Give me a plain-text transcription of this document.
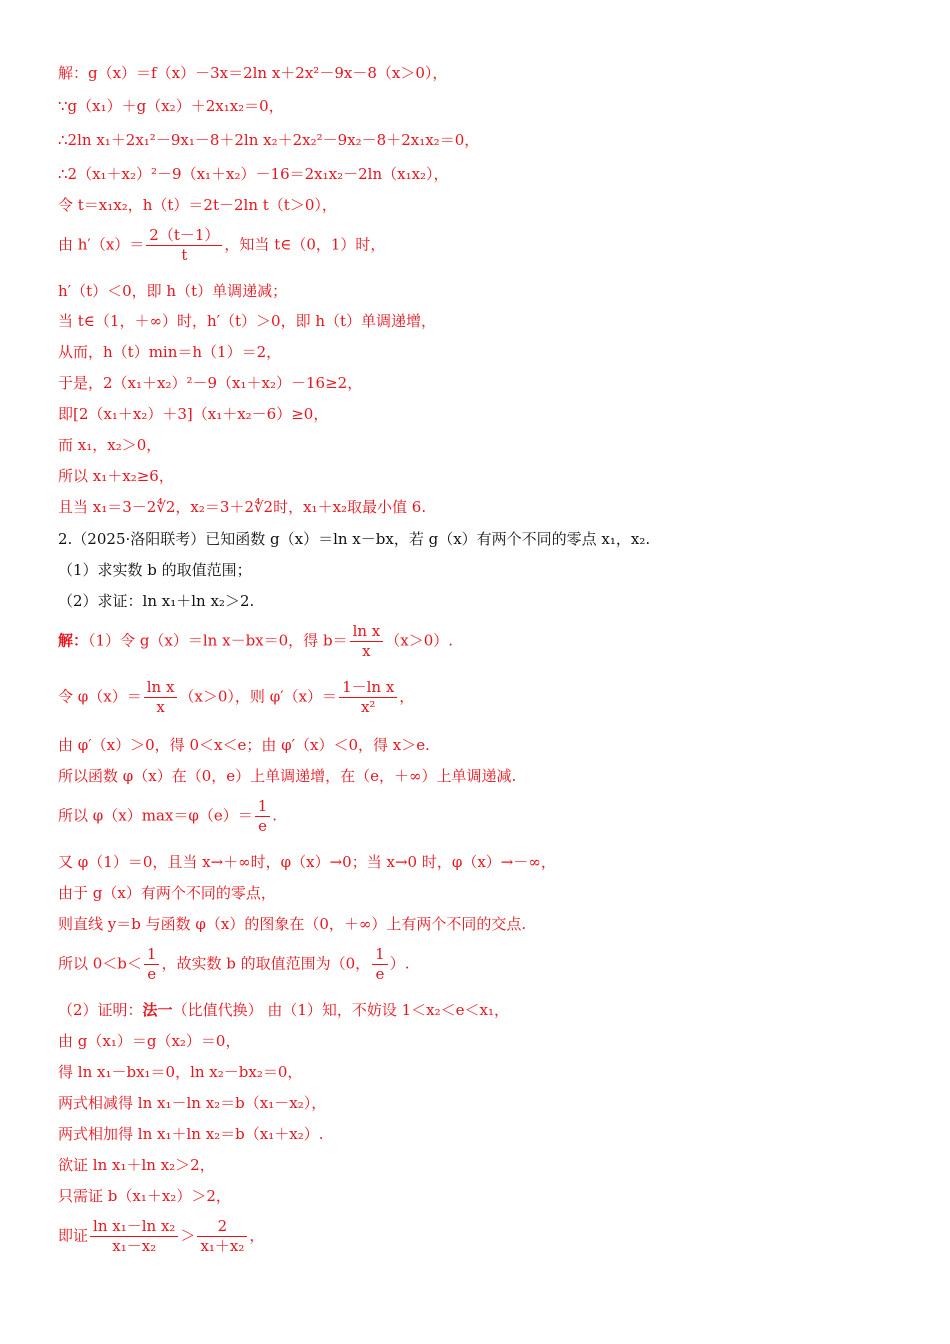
解：g（x）＝f（x）－3x＝2ln x＋2x²－9x－8（x＞0），
∵g（x₁）＋g（x₂）＋2x₁x₂＝0，
∴2ln x₁＋2x₁²－9x₁－8＋2ln x₂＋2x₂²－9x₂－8＋2x₁x₂＝0，
∴2（x₁＋x₂）²－9（x₁＋x₂）－16＝2x₁x₂－2ln（x₁x₂），
令 t＝x₁x₂，h（t）＝2t－2ln t（t＞0），
由 $h'(x)= \frac{2(t-1)}{t}$ ，知当 t∈（0，1）时，
h′（t）＜0，即 h（t）单调递减；
当 t∈（1，＋∞）时，h′（t）＞0，即 h（t）单调递增，
从而，h（t）min＝h（1）＝2，
于是，2（x₁＋x₂）²－9（x₁＋x₂）－16≥2，
即[2（x₁＋x₂）＋3]（x₁＋x₂－6）≥0，
而 x₁，x₂＞0，
所以 x₁＋x₂≥6，
且当 x₁＝3－2∜2，x₂＝3＋2∜2时，x₁＋x₂取最小值 6.
2.（2025·洛阳联考）已知函数 g（x）＝ln x－bx，若 g（x）有两个不同的零点 x₁，x₂.
（1）求实数 b 的取值范围；
（2）求证：ln x₁＋ln x₂＞2.
解：（1）令 g（x）＝ln x－bx＝0，得 $b= \frac{\text{ln x}}{x} (x>0)$.
令 $\varphi(x)= \frac{\text{ln x}}{x} (x>0)$，则 $\varphi'(x)= \frac{\text{1－ln x}}{\text{x²}}$ ，
由 φ′（x）＞0，得 0＜x＜e；由 φ′（x）＜0，得 x＞e.
所以函数 φ（x）在（0，e）上单调递增，在（e，＋∞）上单调递减.
所以 $\varphi(x)\max=\varphi(e)= \frac{1}{e}$ .
又 φ（1）＝0，且当 x→＋∞时，φ（x）→0；当 x→0 时，φ（x）→－∞，
由于 g（x）有两个不同的零点，
则直线 y＝b 与函数 φ（x）的图象在（0，＋∞）上有两个不同的交点.
所以 $0<b< \frac{1}{e}$ ，故实数 b 的取值范围为（0， $\frac{1}{e}$ ）.
（2）证明：法一（比值代换） 由（1）知，不妨设 1＜x₂＜e＜x₁，
由 g（x₁）＝g（x₂）＝0，
得 ln x₁－bx₁＝0，ln x₂－bx₂＝0，
两式相减得 ln x₁－ln x₂＝b（x₁－x₂），
两式相加得 ln x₁＋ln x₂＝b（x₁＋x₂）.
欲证 ln x₁＋ln x₂＞2，
只需证 b（x₁＋x₂）＞2，
即证 $\frac{\text{ln x₁－ln x₂}}{\text{x₁－x₂}} > \frac{2}{\text{x₁＋x₂}}$ ，
